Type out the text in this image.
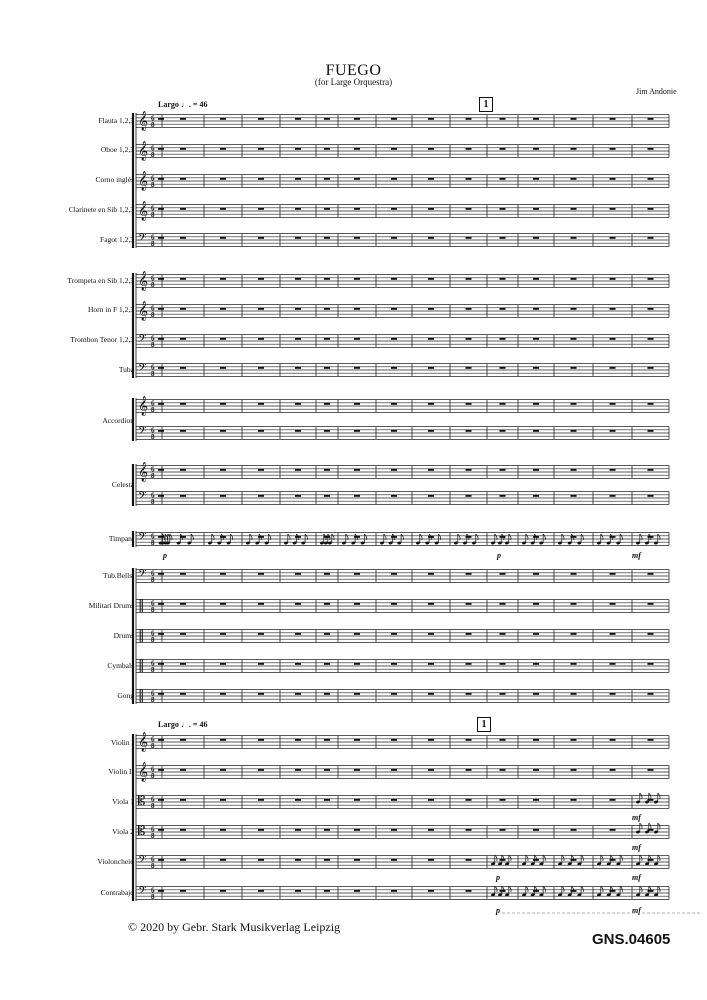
FUEGO
(for Large Orquestra)
Jim Andonie
Largo ♩. = 46	1
Largo ♩. = 46	1
Flauta 1,2,3
Oboe 1,2,3
Corno inglés
Clarinete en Sib 1,2,3
Fagot 1,2,3
Trompeta en Sib 1,2,3
Horn in F 1,2,3
Trombon Tenor 1,2,3
Tuba
Accordion
Celesta
Timpani
Tub.Bells.
Militari Drums
Drums
Cymbals
Gong
Violin I
Violin II
Viola 1
Viola 2
Violoncheio
Contrabajo
𝄞 6
8
𝄞 6
8
𝄞 6
8
𝄞 6
8
𝄢 6
8
𝄞 6
8
𝄞 6
8
𝄢 6
8
𝄢 6
8
𝄞 6
8
𝄢 6
8
𝄞 6
8
𝄢 6
8
𝄢 6
8
𝄢 6
8
‖ 6
8
‖ 6
8
‖ 6
8
‖ 6
8
𝄞 6
8
𝄞 6
8
𝄡 6
8
𝄡 6
8
𝄢 6
8
𝄢 6
8
p	p	mf
mf
mf
p	mf
p	mf
© 2020 by Gebr. Stark Musikverlag Leipzig
GNS.04605
